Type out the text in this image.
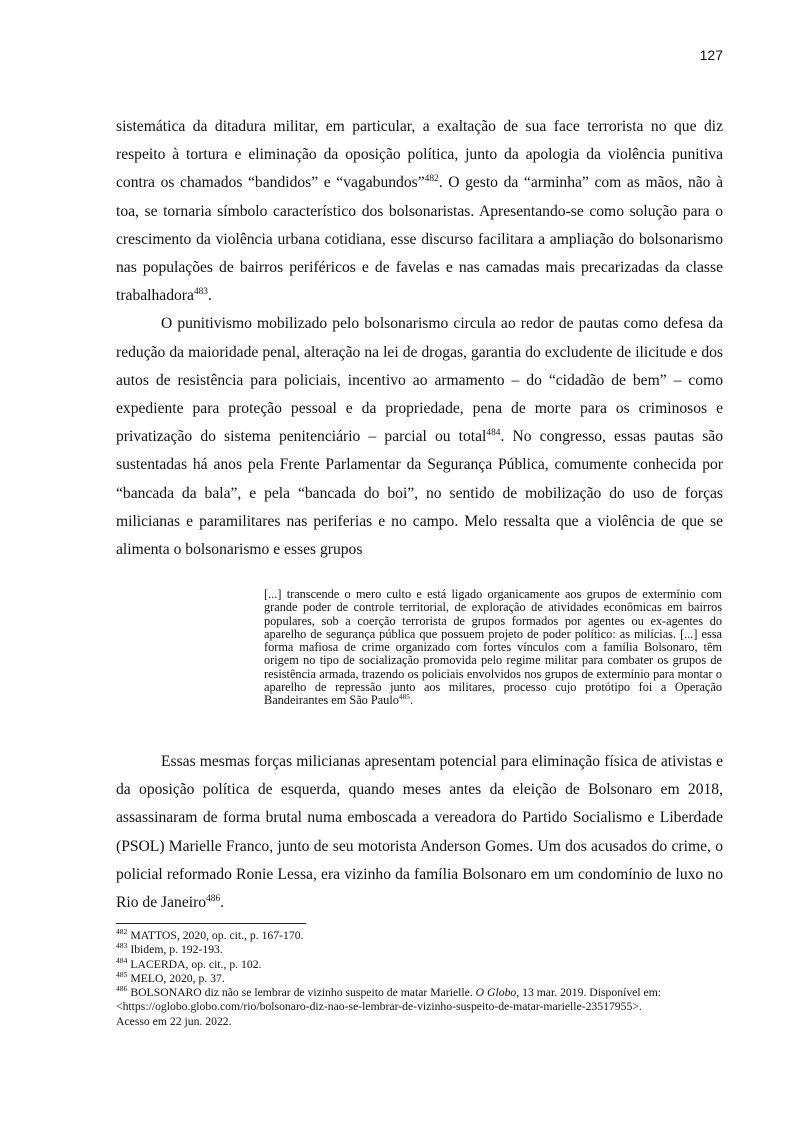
127

sistemática da ditadura militar, em particular, a exaltação de sua face terrorista no que diz respeito à tortura e eliminação da oposição política, junto da apologia da violência punitiva contra os chamados “bandidos” e “vagabundos”$^{482}$. O gesto da “arminha” com as mãos, não à toa, se tornaria símbolo característico dos bolsonaristas. Apresentando-se como solução para o crescimento da violência urbana cotidiana, esse discurso facilitara a ampliação do bolsonarismo nas populações de bairros periféricos e de favelas e nas camadas mais precarizadas da classe trabalhadora$^{483}$.

O punitivismo mobilizado pelo bolsonarismo circula ao redor de pautas como defesa da redução da maioridade penal, alteração na lei de drogas, garantia do excludente de ilicitude e dos autos de resistência para policiais, incentivo ao armamento – do “cidadão de bem” – como expediente para proteção pessoal e da propriedade, pena de morte para os criminosos e privatização do sistema penitenciário – parcial ou total$^{484}$. No congresso, essas pautas são sustentadas há anos pela Frente Parlamentar da Segurança Pública, comumente conhecida por “bancada da bala”, e pela “bancada do boi”, no sentido de mobilização do uso de forças milicianas e paramilitares nas periferias e no campo. Melo ressalta que a violência de que se alimenta o bolsonarismo e esses grupos

[...] transcende o mero culto e está ligado organicamente aos grupos de extermínio com grande poder de controle territorial, de exploração de atividades econômicas em bairros populares, sob a coerção terrorista de grupos formados por agentes ou ex-agentes do aparelho de segurança pública que possuem projeto de poder político: as milícias. [...] essa forma mafiosa de crime organizado com fortes vínculos com a família Bolsonaro, têm origem no tipo de socialização promovida pelo regime militar para combater os grupos de resistência armada, trazendo os policiais envolvidos nos grupos de extermínio para montar o aparelho de repressão junto aos militares, processo cujo protótipo foi a Operação Bandeirantes em São Paulo$^{485}$.

Essas mesmas forças milicianas apresentam potencial para eliminação física de ativistas e da oposição política de esquerda, quando meses antes da eleição de Bolsonaro em 2018, assassinaram de forma brutal numa emboscada a vereadora do Partido Socialismo e Liberdade (PSOL) Marielle Franco, junto de seu motorista Anderson Gomes. Um dos acusados do crime, o policial reformado Ronie Lessa, era vizinho da família Bolsonaro em um condomínio de luxo no Rio de Janeiro$^{486}$.

$^{482}$ MATTOS, 2020, op. cit., p. 167-170.

$^{483}$ Ibidem, p. 192-193.

$^{484}$ LACERDA, op. cit., p. 102.

$^{485}$ MELO, 2020, p. 37.

$^{486}$ BOLSONARO diz não se lembrar de vizinho suspeito de matar Marielle. O Globo, 13 mar. 2019. Disponível em:
<https://oglobo.globo.com/rio/bolsonaro-diz-nao-se-lembrar-de-vizinho-suspeito-de-matar-marielle-23517955>.
Acesso em 22 jun. 2022.
